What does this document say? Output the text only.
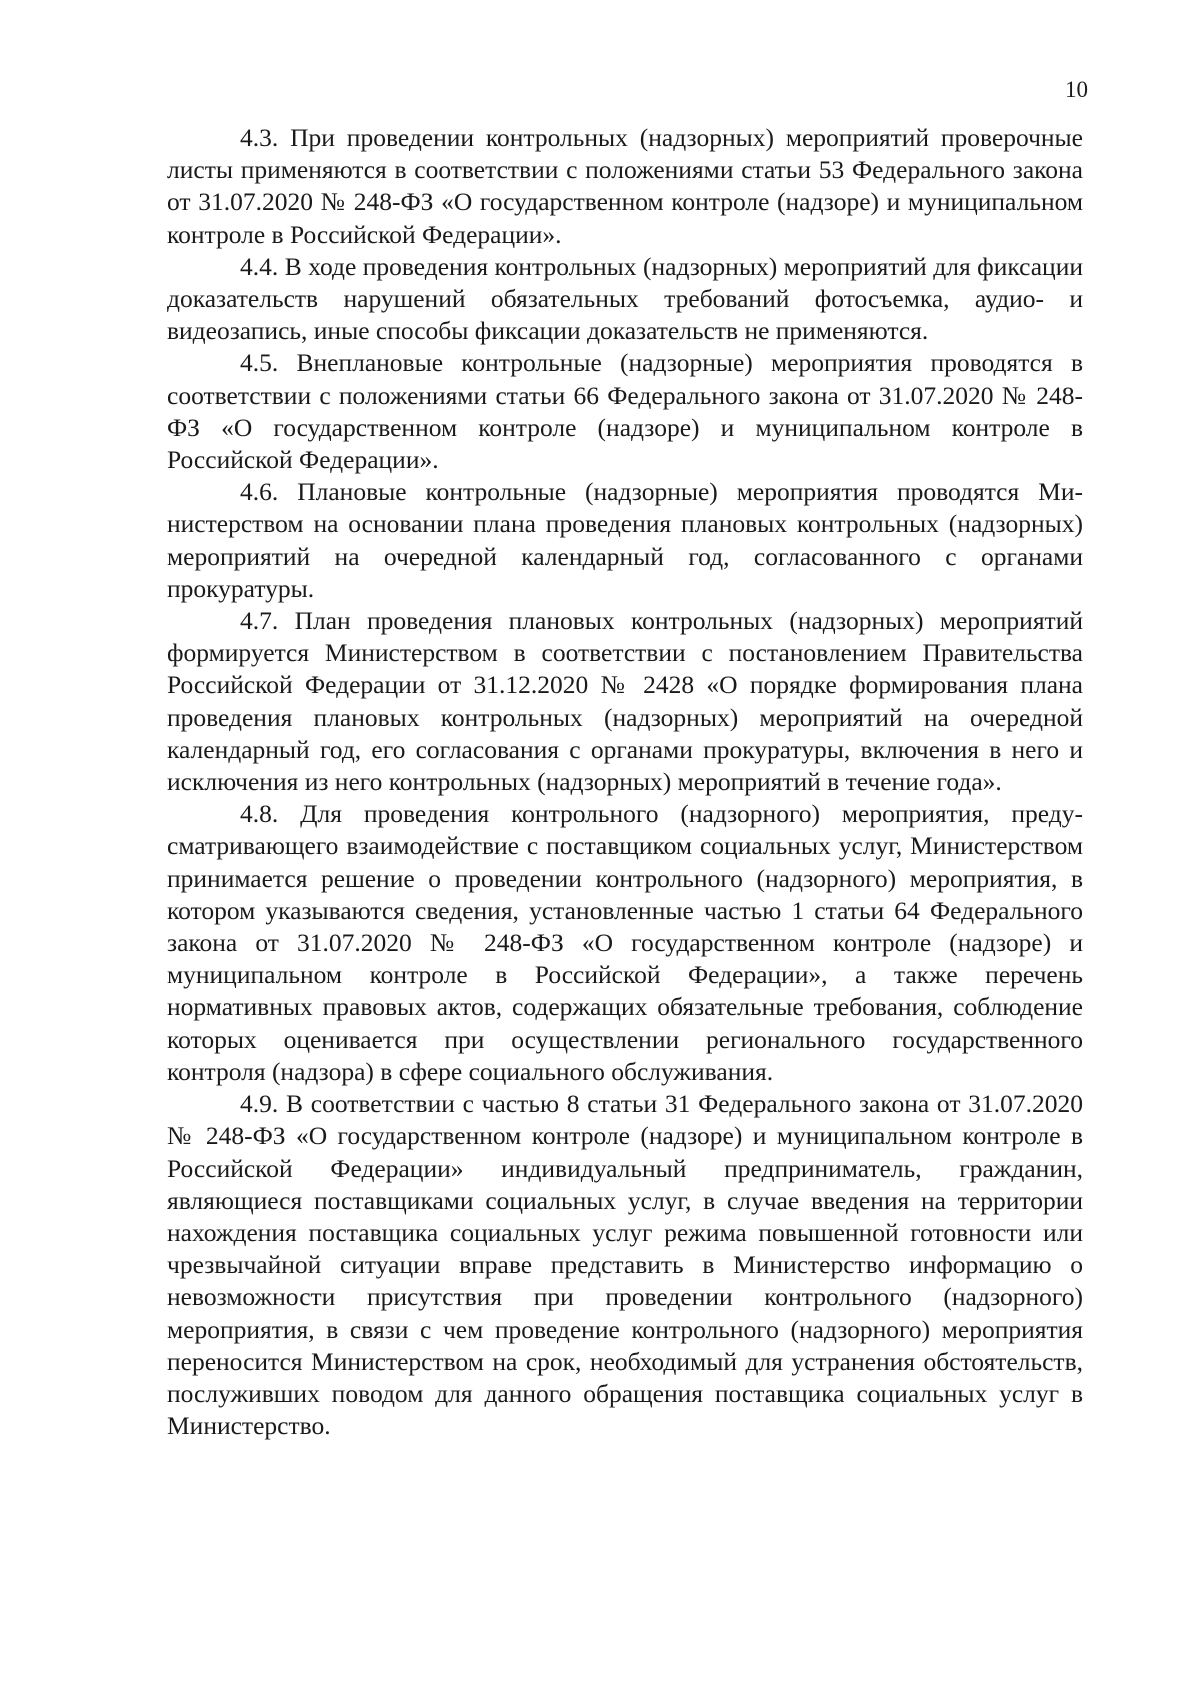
10

4.3. При проведении контрольных (надзорных) мероприятий проверочные листы применяются в соответствии с положениями статьи 53 Федерального закона от 31.07.2020 № 248-ФЗ «О государственном контроле (надзоре) и муниципальном контроле в Российской Федерации».

4.4. В ходе проведения контрольных (надзорных) мероприятий для фиксации доказательств нарушений обязательных требований фотосъемка, аудио- и видеозапись, иные способы фиксации доказательств не применяются.

4.5. Внеплановые контрольные (надзорные) мероприятия проводятся в соответствии с положениями статьи 66 Федерального закона от 31.07.2020 № 248-ФЗ «О государственном контроле (надзоре) и муниципальном контроле в Российской Федерации».

4.6. Плановые контрольные (надзорные) мероприятия проводятся Министерством на основании плана проведения плановых контрольных (надзорных) мероприятий на очередной календарный год, согласованного с органами прокуратуры.

4.7. План проведения плановых контрольных (надзорных) мероприятий формируется Министерством в соответствии с постановлением Правительства Российской Федерации от 31.12.2020 № 2428 «О порядке формирования плана проведения плановых контрольных (надзорных) мероприятий на очередной календарный год, его согласования с органами прокуратуры, включения в него и исключения из него контрольных (надзорных) мероприятий в течение года».

4.8. Для проведения контрольного (надзорного) мероприятия, предусматривающего взаимодействие с поставщиком социальных услуг, Министерством принимается решение о проведении контрольного (надзорного) мероприятия, в котором указываются сведения, установленные частью 1 статьи 64 Федерального закона от 31.07.2020 № 248-ФЗ «О государственном контроле (надзоре) и муниципальном контроле в Российской Федерации», а также перечень нормативных правовых актов, содержащих обязательные требования, соблюдение которых оценивается при осуществлении регионального государственного контроля (надзора) в сфере социального обслуживания.

4.9. В соответствии с частью 8 статьи 31 Федерального закона от 31.07.2020 № 248-ФЗ «О государственном контроле (надзоре) и муниципальном контроле в Российской Федерации» индивидуальный предприниматель, гражданин, являющиеся поставщиками социальных услуг, в случае введения на территории нахождения поставщика социальных услуг режима повышенной готовности или чрезвычайной ситуации вправе представить в Министерство информацию о невозможности присутствия при проведении контрольного (надзорного) мероприятия, в связи с чем проведение контрольного (надзорного) мероприятия переносится Министерством на срок, необходимый для устранения обстоятельств, послуживших поводом для данного обращения поставщика социальных услуг в Министерство.
